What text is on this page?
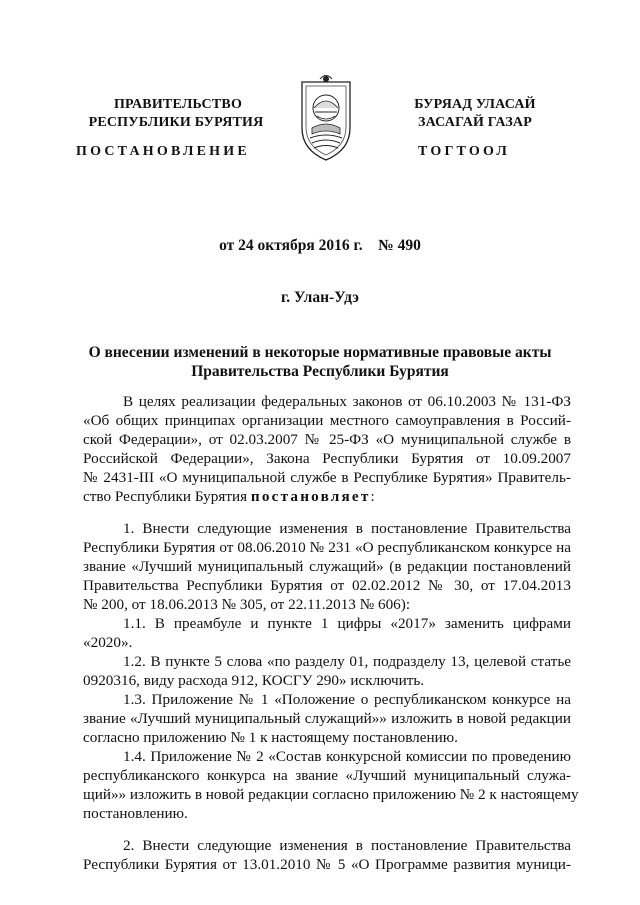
ПРАВИТЕЛЬСТВО
РЕСПУБЛИКИ БУРЯТИЯ
БУРЯАД УЛАСАЙ
ЗАСАГАЙ ГАЗАР
ПОСТАНОВЛЕНИЕ	ТОГТООЛ
от 24 октября 2016 г.    № 490
г. Улан-Удэ
О внесении изменений в некоторые нормативные правовые акты
Правительства Республики Бурятия

В целях реализации федеральных законов от 06.10.2003 № 131-ФЗ

«Об общих принципах организации местного самоуправления в Россий-

ской Федерации», от 02.03.2007 № 25-ФЗ «О муниципальной службе в

Российской Федерации», Закона Республики Бурятия от 10.09.2007

№ 2431-III «О муниципальной службе в Республике Бурятия» Правитель-

ство Республики Бурятия постановляет:

1. Внести следующие изменения в постановление Правительства

Республики Бурятия от 08.06.2010 № 231 «О республиканском конкурсе на

звание «Лучший муниципальный служащий» (в редакции постановлений

Правительства Республики Бурятия от 02.02.2012 № 30, от 17.04.2013

№ 200, от 18.06.2013 № 305, от 22.11.2013 № 606):

1.1. В преамбуле и пункте 1 цифры «2017» заменить цифрами

«2020».

1.2. В пункте 5 слова «по разделу 01, подразделу 13, целевой статье

0920316, виду расхода 912, КОСГУ 290» исключить.

1.3. Приложение № 1 «Положение о республиканском конкурсе на

звание «Лучший муниципальный служащий»» изложить в новой редакции

согласно приложению № 1 к настоящему постановлению.

1.4. Приложение № 2 «Состав конкурсной комиссии по проведению

республиканского конкурса на звание «Лучший муниципальный служа-

щий»» изложить в новой редакции согласно приложению № 2 к настоящему

постановлению.

2. Внести следующие изменения в постановление Правительства

Республики Бурятия от 13.01.2010 № 5 «О Программе развития муници-
